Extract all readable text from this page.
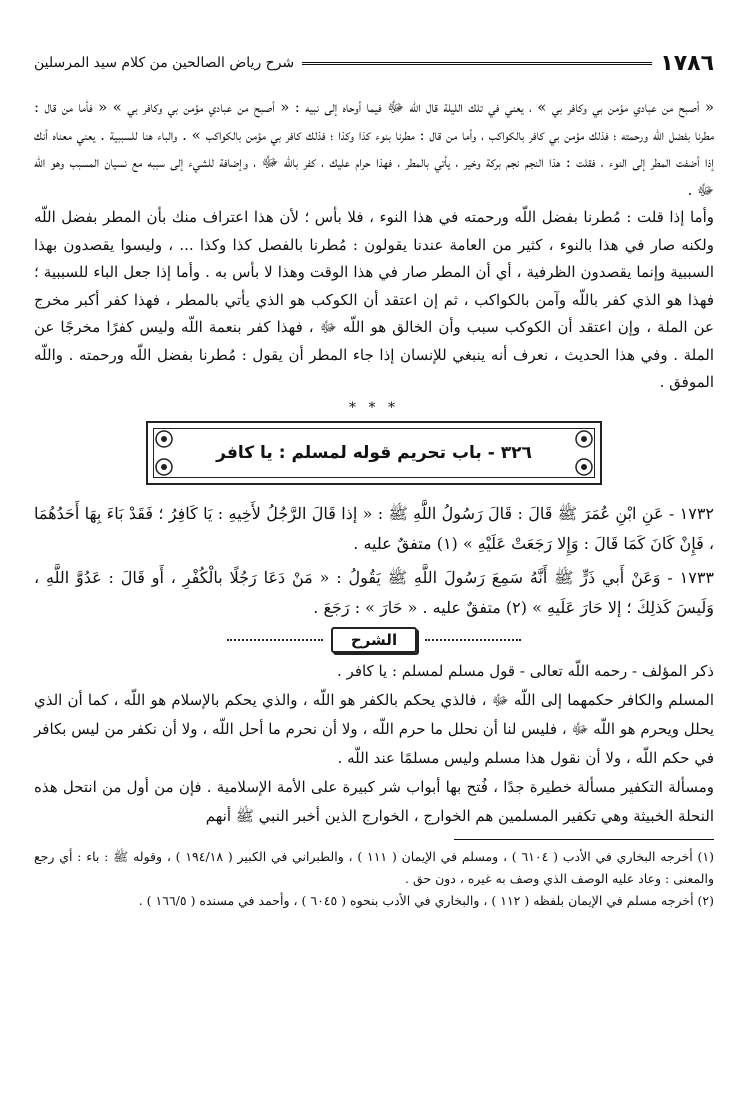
١٧٨٦
شرح رياض الصالحين من كلام سيد المرسلين

« أصبح من عبادي مؤمن بي وكافر بي » ، يعني في تلك الليلة قال اللّه ﷻ فيما أوحاه إلى نبيه : « أصبح من عبادي مؤمن بي وكافر بي » « فأما من قال : مطرنا بفضل اللّه ورحمته ؛ فذلك مؤمن بي كافر بالكواكب ، وأما من قال : مطرنا بنوء كذا وكذا ؛ فذلك كافر بي مؤمن بالكواكب » . والباء هنا للسببية . يعني معناه أنك إذا أضفت المطر إلى النوء ، فقلت : هذا النجم نجم بركة وخير ، يأتي بالمطر ، فهذا حرام عليك ، كفر باللّه ﷻ ، وإضافة للشيء إلى سببه مع نسيان المسبب وهو اللّه ﷻ .

وأما إذا قلت : مُطرنا بفضل اللّه ورحمته في هذا النوء ، فلا بأس ؛ لأن هذا اعتراف منك بأن المطر بفضل اللّه ولكنه صار في هذا بالنوء ، كثير من العامة عندنا يقولون : مُطرنا بالفصل كذا وكذا ... ، وليسوا يقصدون بهذا السببية وإنما يقصدون الظرفية ، أي أن المطر صار في هذا الوقت وهذا لا بأس به . وأما إذا جعل الباء للسببية ؛ فهذا هو الذي كفر باللّه وآمن بالكواكب ، ثم إن اعتقد أن الكوكب هو الذي يأتي بالمطر ، فهذا كفر أكبر مخرج عن الملة ، وإن اعتقد أن الكوكب سبب وأن الخالق هو اللّه ﷻ ، فهذا كفر بنعمة اللّه وليس كفرًا مخرجًا عن الملة . وفي هذا الحديث ، نعرف أنه ينبغي للإنسان إذا جاء المطر أن يقول : مُطرنا بفضل اللّه ورحمته . واللّه الموفق .

* * *
٣٢٦ - باب تحريم قوله لمسلم : يا كافر

١٧٣٢ - عَنِ ابْنِ عُمَرَ ﷺ قَالَ : قَالَ رَسُولُ اللَّهِ ﷺ : « إذا قَالَ الرَّجُلُ لأَخِيهِ : يَا كَافِرُ ؛ فَقَدْ بَاءَ بِهَا أَحَدُهُمَا ، فَإِنْ كَانَ كَمَا قَالَ : وَإِلا رَجَعَتْ عَلَيْهِ » (١) متفقٌ عليه .

١٧٣٣ - وَعَنْ أَبي ذَرٍّ ﷺ أَنَّهُ سَمِعَ رَسُولَ اللَّهِ ﷺ يَقُولُ : « مَنْ دَعَا رَجُلًا بالْكُفْرِ ، أَو قَالَ : عَدُوَّ اللَّهِ ، وَلَيسَ كَذلِكَ ؛ إلا حَارَ عَلَيهِ » (٢) متفقٌ عليه . « حَارَ » : رَجَعَ .

الشرح

ذكر المؤلف - رحمه اللّه تعالى - قول مسلم لمسلم : يا كافر .

المسلم والكافر حكمهما إلى اللّه ﷻ ، فالذي يحكم بالكفر هو اللّه ، والذي يحكم بالإسلام هو اللّه ، كما أن الذي يحلل ويحرم هو اللّه ﷻ ، فليس لنا أن نحلل ما حرم اللّه ، ولا أن نحرم ما أحل اللّه ، ولا أن نكفر من ليس بكافر في حكم اللّه ، ولا أن نقول هذا مسلم وليس مسلمًا عند اللّه .

ومسألة التكفير مسألة خطيرة جدًا ، فُتح بها أبواب شر كبيرة على الأمة الإسلامية . فإن من أول من انتحل هذه النحلة الخبيثة وهي تكفير المسلمين هم الخوارج ، الخوارج الذين أخبر النبي ﷺ أنهم

(١) أخرجه البخاري في الأدب ( ٦١٠٤ ) ، ومسلم في الإيمان ( ١١١ ) ، والطبراني في الكبير ( ١٩٤/١٨ ) ، وقوله ﷺ : باء : أي رجع والمعنى : وعاد عليه الوصف الذي وصف به غيره ، دون حق .

(٢) أخرجه مسلم في الإيمان بلفظه ( ١١٢ ) ، والبخاري في الأدب بنحوه ( ٦٠٤٥ ) ، وأحمد في مسنده ( ١٦٦/٥ ) .
